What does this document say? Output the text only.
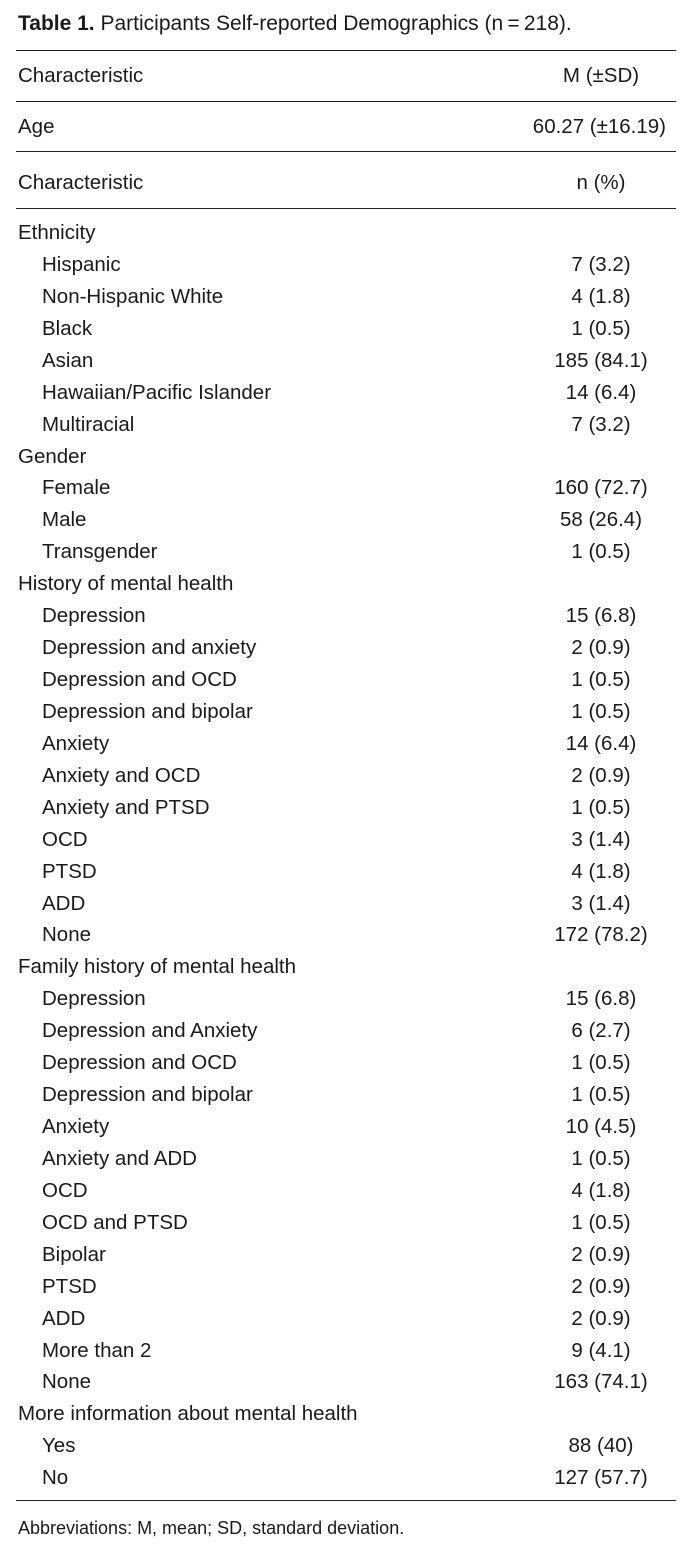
Table 1. Participants Self-reported Demographics (n = 218).
Characteristic	M (±SD)
Age	60.27 (±16.19)
Characteristic	n (%)
Ethnicity
Hispanic	7 (3.2)
Non-Hispanic White	4 (1.8)
Black	1 (0.5)
Asian	185 (84.1)
Hawaiian/Pacific Islander	14 (6.4)
Multiracial	7 (3.2)
Gender
Female	160 (72.7)
Male	58 (26.4)
Transgender	1 (0.5)
History of mental health
Depression	15 (6.8)
Depression and anxiety	2 (0.9)
Depression and OCD	1 (0.5)
Depression and bipolar	1 (0.5)
Anxiety	14 (6.4)
Anxiety and OCD	2 (0.9)
Anxiety and PTSD	1 (0.5)
OCD	3 (1.4)
PTSD	4 (1.8)
ADD	3 (1.4)
None	172 (78.2)
Family history of mental health
Depression	15 (6.8)
Depression and Anxiety	6 (2.7)
Depression and OCD	1 (0.5)
Depression and bipolar	1 (0.5)
Anxiety	10 (4.5)
Anxiety and ADD	1 (0.5)
OCD	4 (1.8)
OCD and PTSD	1 (0.5)
Bipolar	2 (0.9)
PTSD	2 (0.9)
ADD	2 (0.9)
More than 2	9 (4.1)
None	163 (74.1)
More information about mental health
Yes	88 (40)
No	127 (57.7)
Abbreviations: M, mean; SD, standard deviation.
